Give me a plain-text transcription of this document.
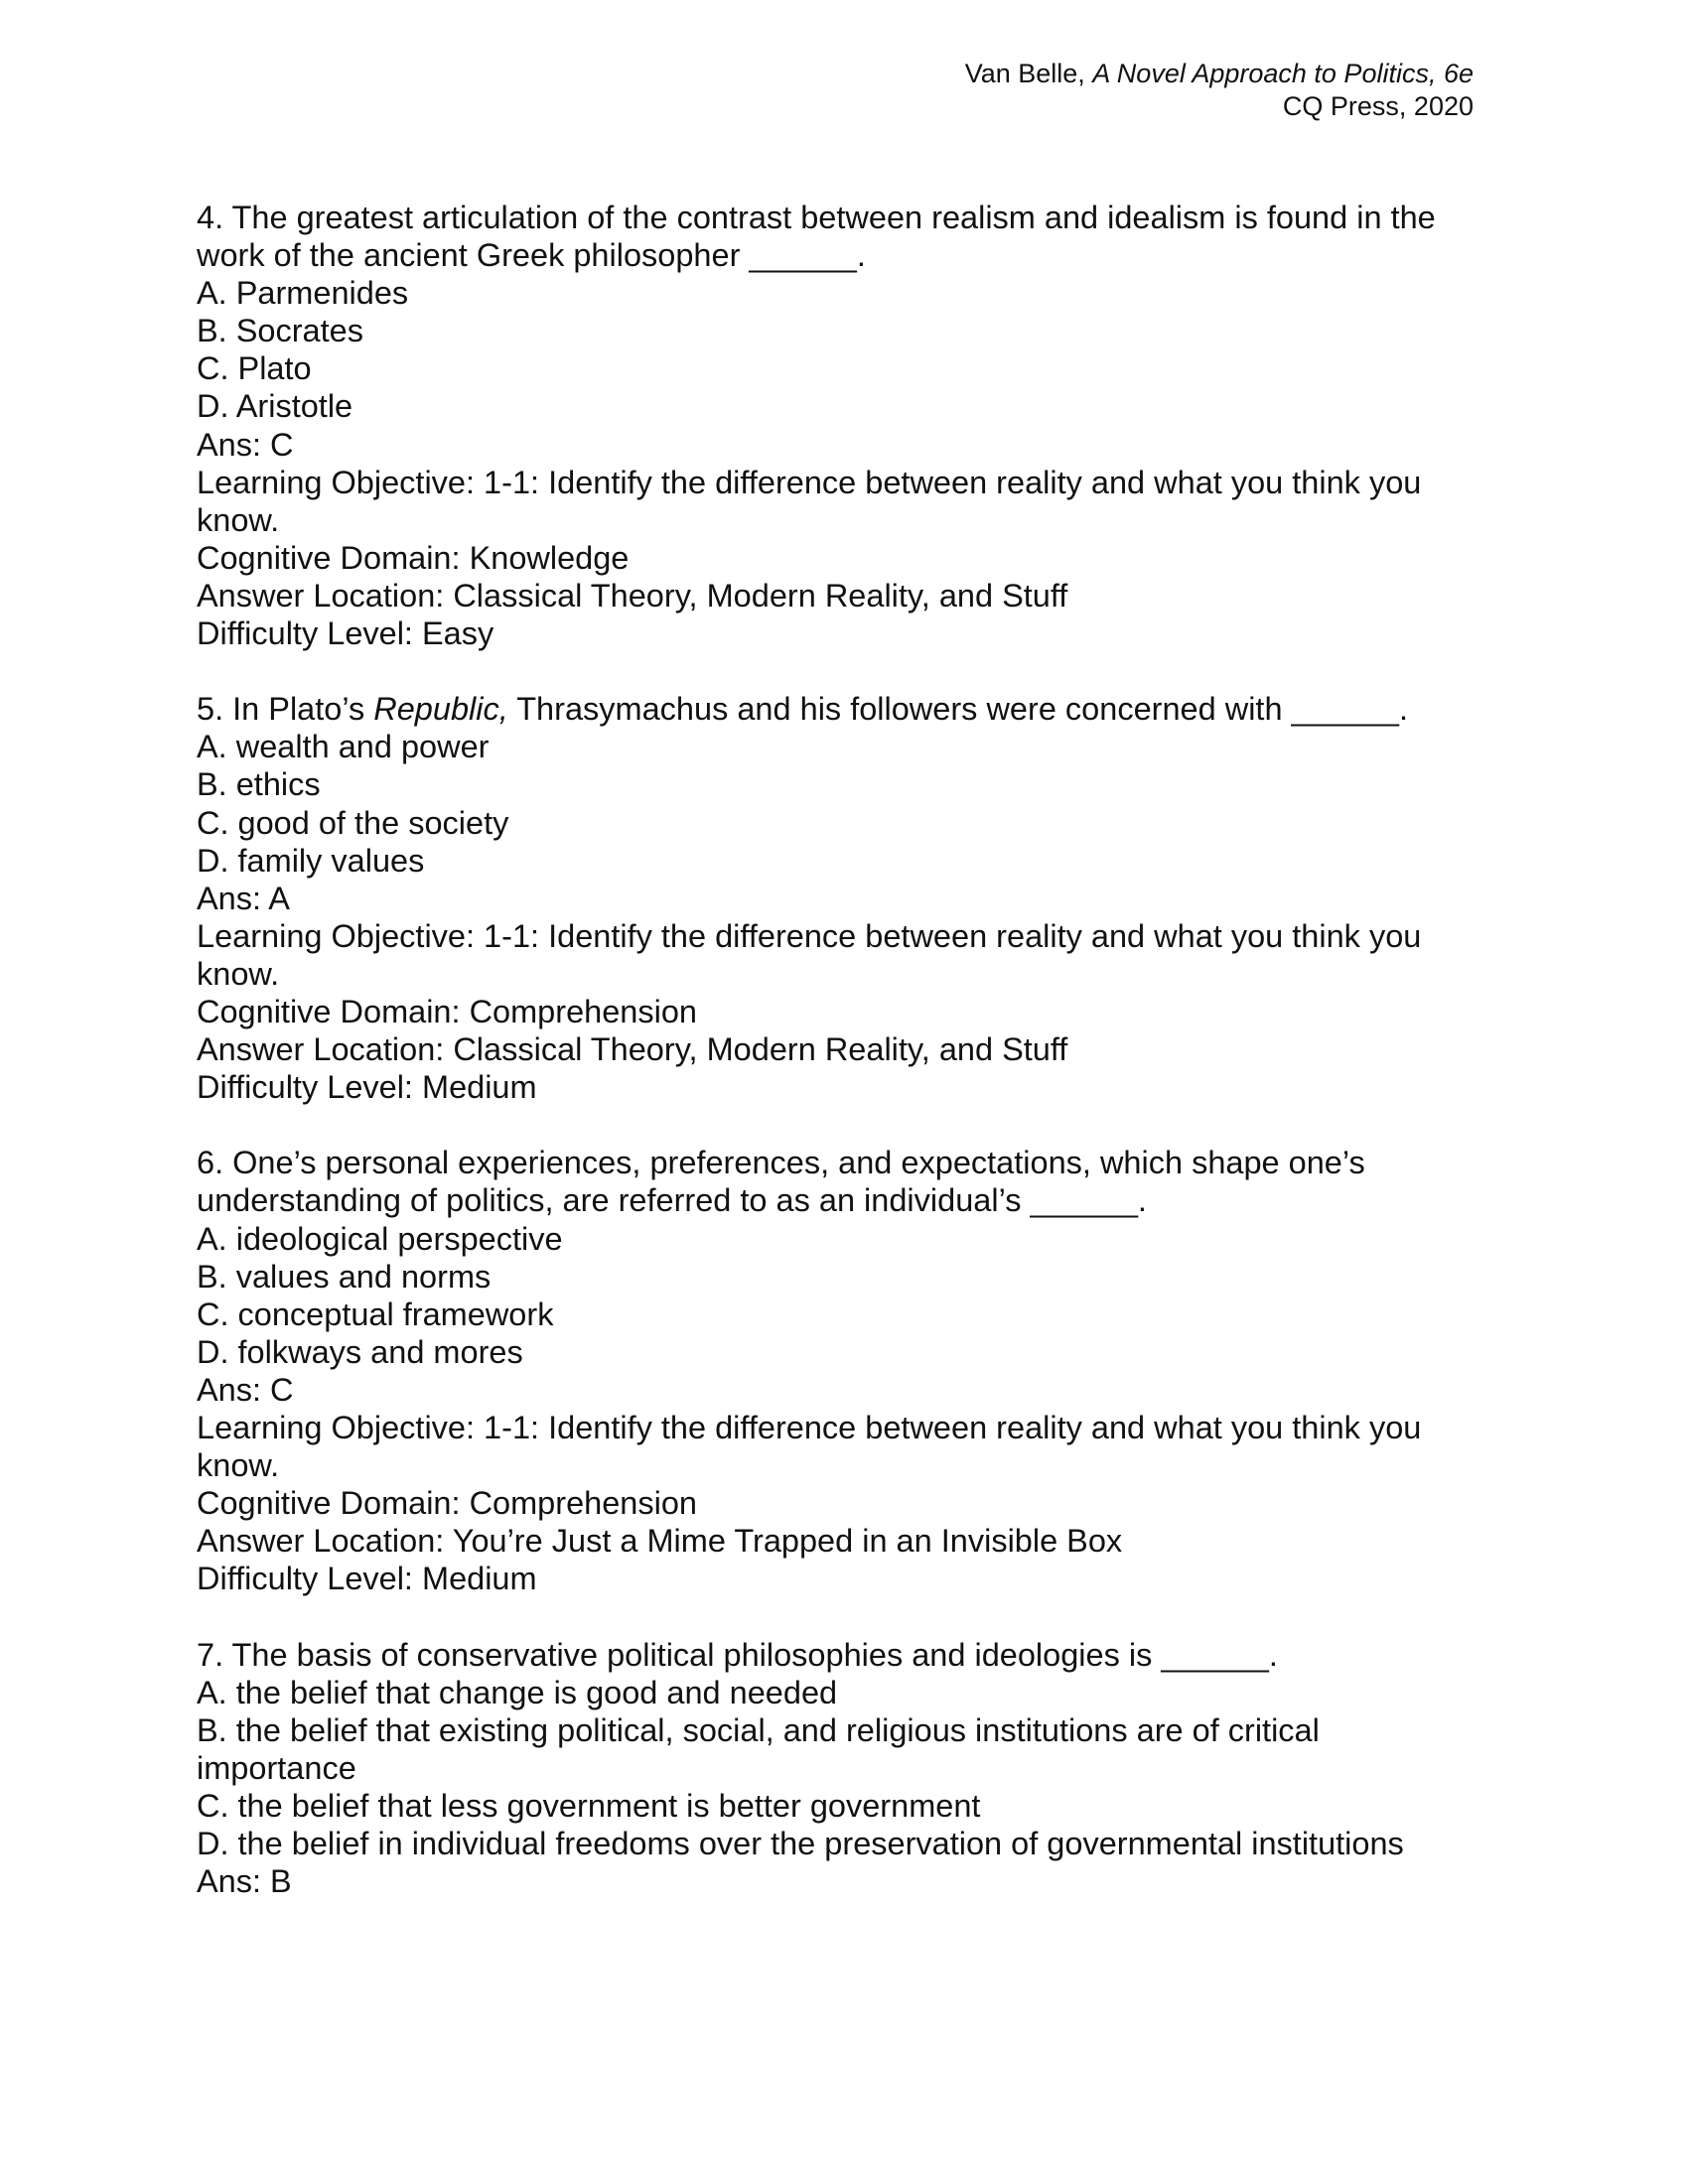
Van Belle, A Novel Approach to Politics, 6e
CQ Press, 2020
4. The greatest articulation of the contrast between realism and idealism is found in the work of the ancient Greek philosopher ______.
A. Parmenides
B. Socrates
C. Plato
D. Aristotle
Ans: C
Learning Objective: 1-1: Identify the difference between reality and what you think you know.
Cognitive Domain: Knowledge
Answer Location: Classical Theory, Modern Reality, and Stuff
Difficulty Level: Easy
5. In Plato’s Republic, Thrasymachus and his followers were concerned with ______.
A. wealth and power
B. ethics
C. good of the society
D. family values
Ans: A
Learning Objective: 1-1: Identify the difference between reality and what you think you know.
Cognitive Domain: Comprehension
Answer Location: Classical Theory, Modern Reality, and Stuff
Difficulty Level: Medium
6. One’s personal experiences, preferences, and expectations, which shape one’s understanding of politics, are referred to as an individual’s ______.
A. ideological perspective
B. values and norms
C. conceptual framework
D. folkways and mores
Ans: C
Learning Objective: 1-1: Identify the difference between reality and what you think you know.
Cognitive Domain: Comprehension
Answer Location: You’re Just a Mime Trapped in an Invisible Box
Difficulty Level: Medium
7. The basis of conservative political philosophies and ideologies is ______.
A. the belief that change is good and needed
B. the belief that existing political, social, and religious institutions are of critical importance
C. the belief that less government is better government
D. the belief in individual freedoms over the preservation of governmental institutions
Ans: B
